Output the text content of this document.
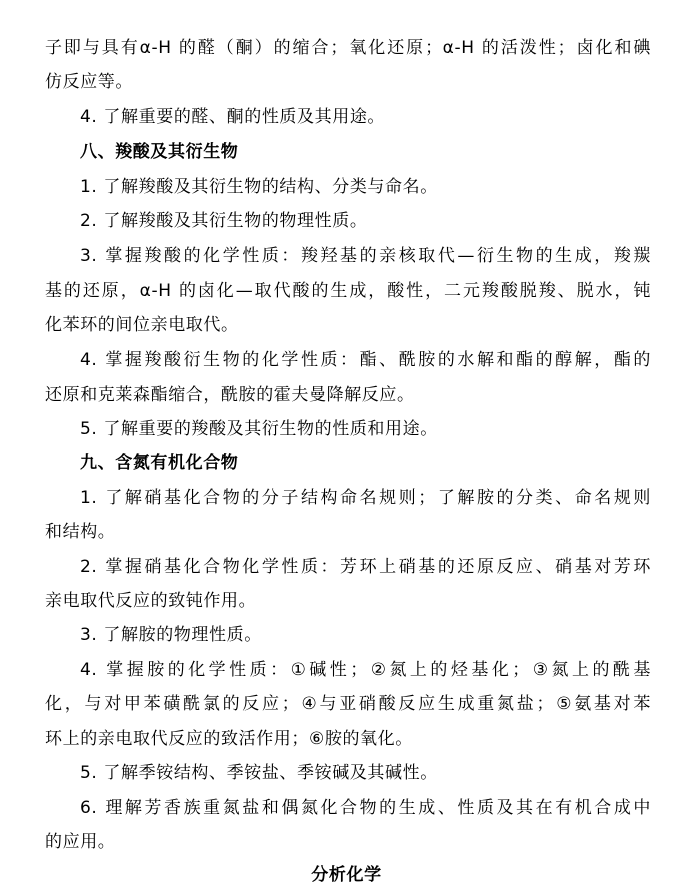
子即与具有α-H 的醛（酮）的缩合；氧化还原；α-H 的活泼性；卤化和碘
仿反应等。
4. 了解重要的醛、酮的性质及其用途。
八、羧酸及其衍生物
1. 了解羧酸及其衍生物的结构、分类与命名。
2. 了解羧酸及其衍生物的物理性质。
3. 掌握羧酸的化学性质：羧羟基的亲核取代—衍生物的生成，羧羰
基的还原，α-H 的卤化—取代酸的生成，酸性，二元羧酸脱羧、脱水，钝
化苯环的间位亲电取代。
4. 掌握羧酸衍生物的化学性质：酯、酰胺的水解和酯的醇解，酯的
还原和克莱森酯缩合，酰胺的霍夫曼降解反应。
5. 了解重要的羧酸及其衍生物的性质和用途。
九、含氮有机化合物
1. 了解硝基化合物的分子结构命名规则；了解胺的分类、命名规则
和结构。
2. 掌握硝基化合物化学性质：芳环上硝基的还原反应、硝基对芳环
亲电取代反应的致钝作用。
3. 了解胺的物理性质。
4. 掌握胺的化学性质：①碱性；②氮上的烃基化；③氮上的酰基
化，与对甲苯磺酰氯的反应；④与亚硝酸反应生成重氮盐；⑤氨基对苯
环上的亲电取代反应的致活作用；⑥胺的氧化。
5. 了解季铵结构、季铵盐、季铵碱及其碱性。
6. 理解芳香族重氮盐和偶氮化合物的生成、性质及其在有机合成中
的应用。
分析化学
